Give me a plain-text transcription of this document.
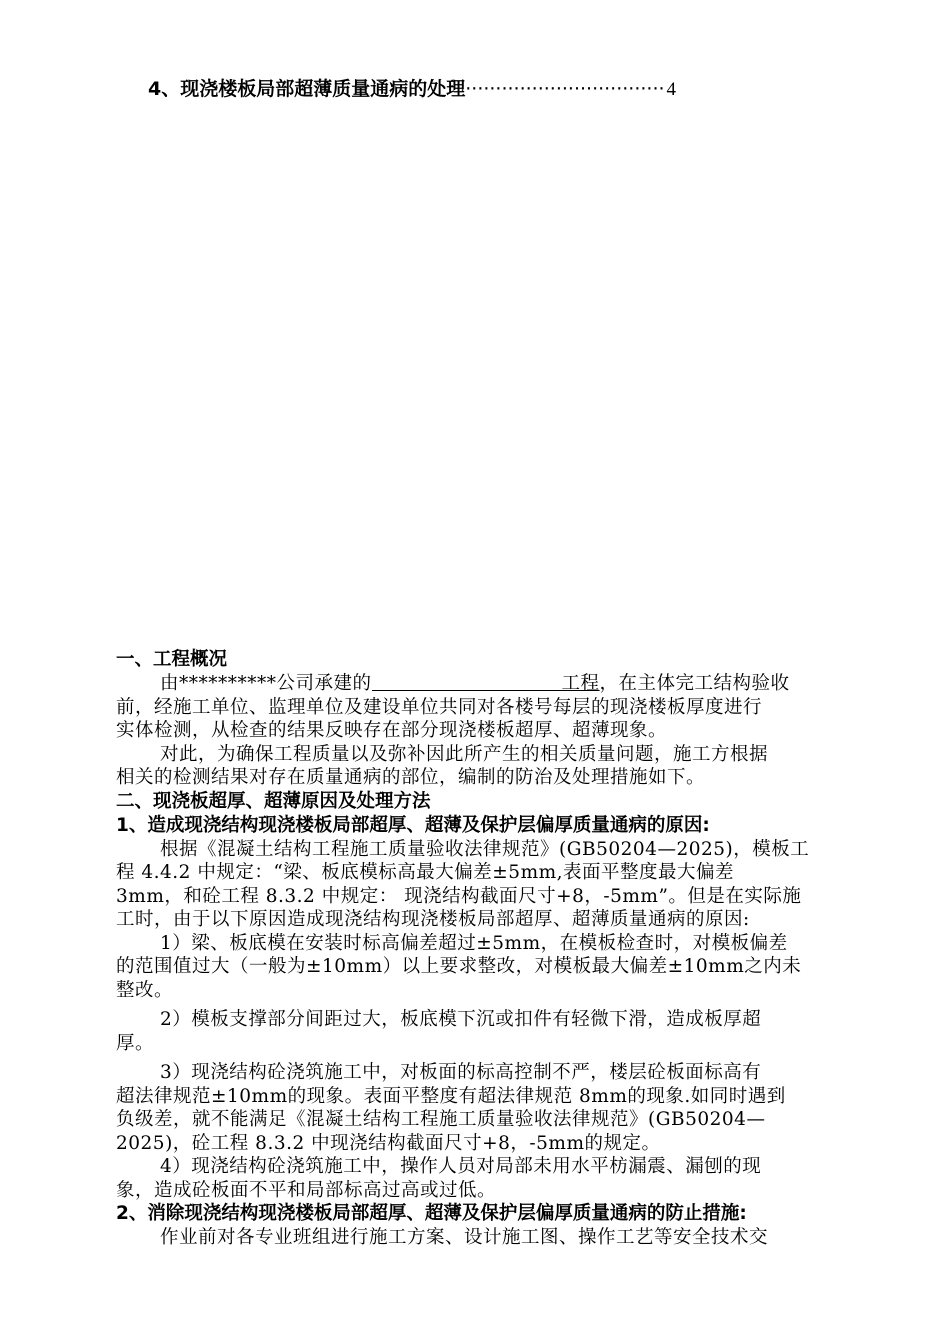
4、现浇楼板局部超薄质量通病的处理································· 4
一、工程概况
由**********公司承建的	工程，在主体完工结构验收
前，经施工单位、监理单位及建设单位共同对各楼号每层的现浇楼板厚度进行
实体检测，从检查的结果反映存在部分现浇楼板超厚、超薄现象。
对此，为确保工程质量以及弥补因此所产生的相关质量问题，施工方根据
相关的检测结果对存在质量通病的部位，编制的防治及处理措施如下。
二、现浇板超厚、超薄原因及处理方法
1、造成现浇结构现浇楼板局部超厚、超薄及保护层偏厚质量通病的原因:
根据《混凝土结构工程施工质量验收法律规范》(GB50204—2025)，模板工
程 4.4.2 中规定：“梁、板底模标高最大偏差±5mm,表面平整度最大偏差
3mm，和砼工程 8.3.2 中规定： 现浇结构截面尺寸+8，-5mm”。但是在实际施
工时，由于以下原因造成现浇结构现浇楼板局部超厚、超薄质量通病的原因:
1）梁、板底模在安装时标高偏差超过±5mm，在模板检查时，对模板偏差
的范围值过大（一般为±10mm）以上要求整改，对模板最大偏差±10mm之内未
整改。
2）模板支撑部分间距过大，板底模下沉或扣件有轻微下滑，造成板厚超
厚。
3）现浇结构砼浇筑施工中，对板面的标高控制不严，楼层砼板面标高有
超法律规范±10mm的现象。表面平整度有超法律规范 8mm的现象.如同时遇到
负级差，就不能满足《混凝土结构工程施工质量验收法律规范》(GB50204—
2025)，砼工程 8.3.2 中现浇结构截面尺寸+8，-5mm的规定。
4）现浇结构砼浇筑施工中，操作人员对局部未用水平枋漏震、漏刨的现
象，造成砼板面不平和局部标高过高或过低。
2、消除现浇结构现浇楼板局部超厚、超薄及保护层偏厚质量通病的防止措施:
作业前对各专业班组进行施工方案、设计施工图、操作工艺等安全技术交
